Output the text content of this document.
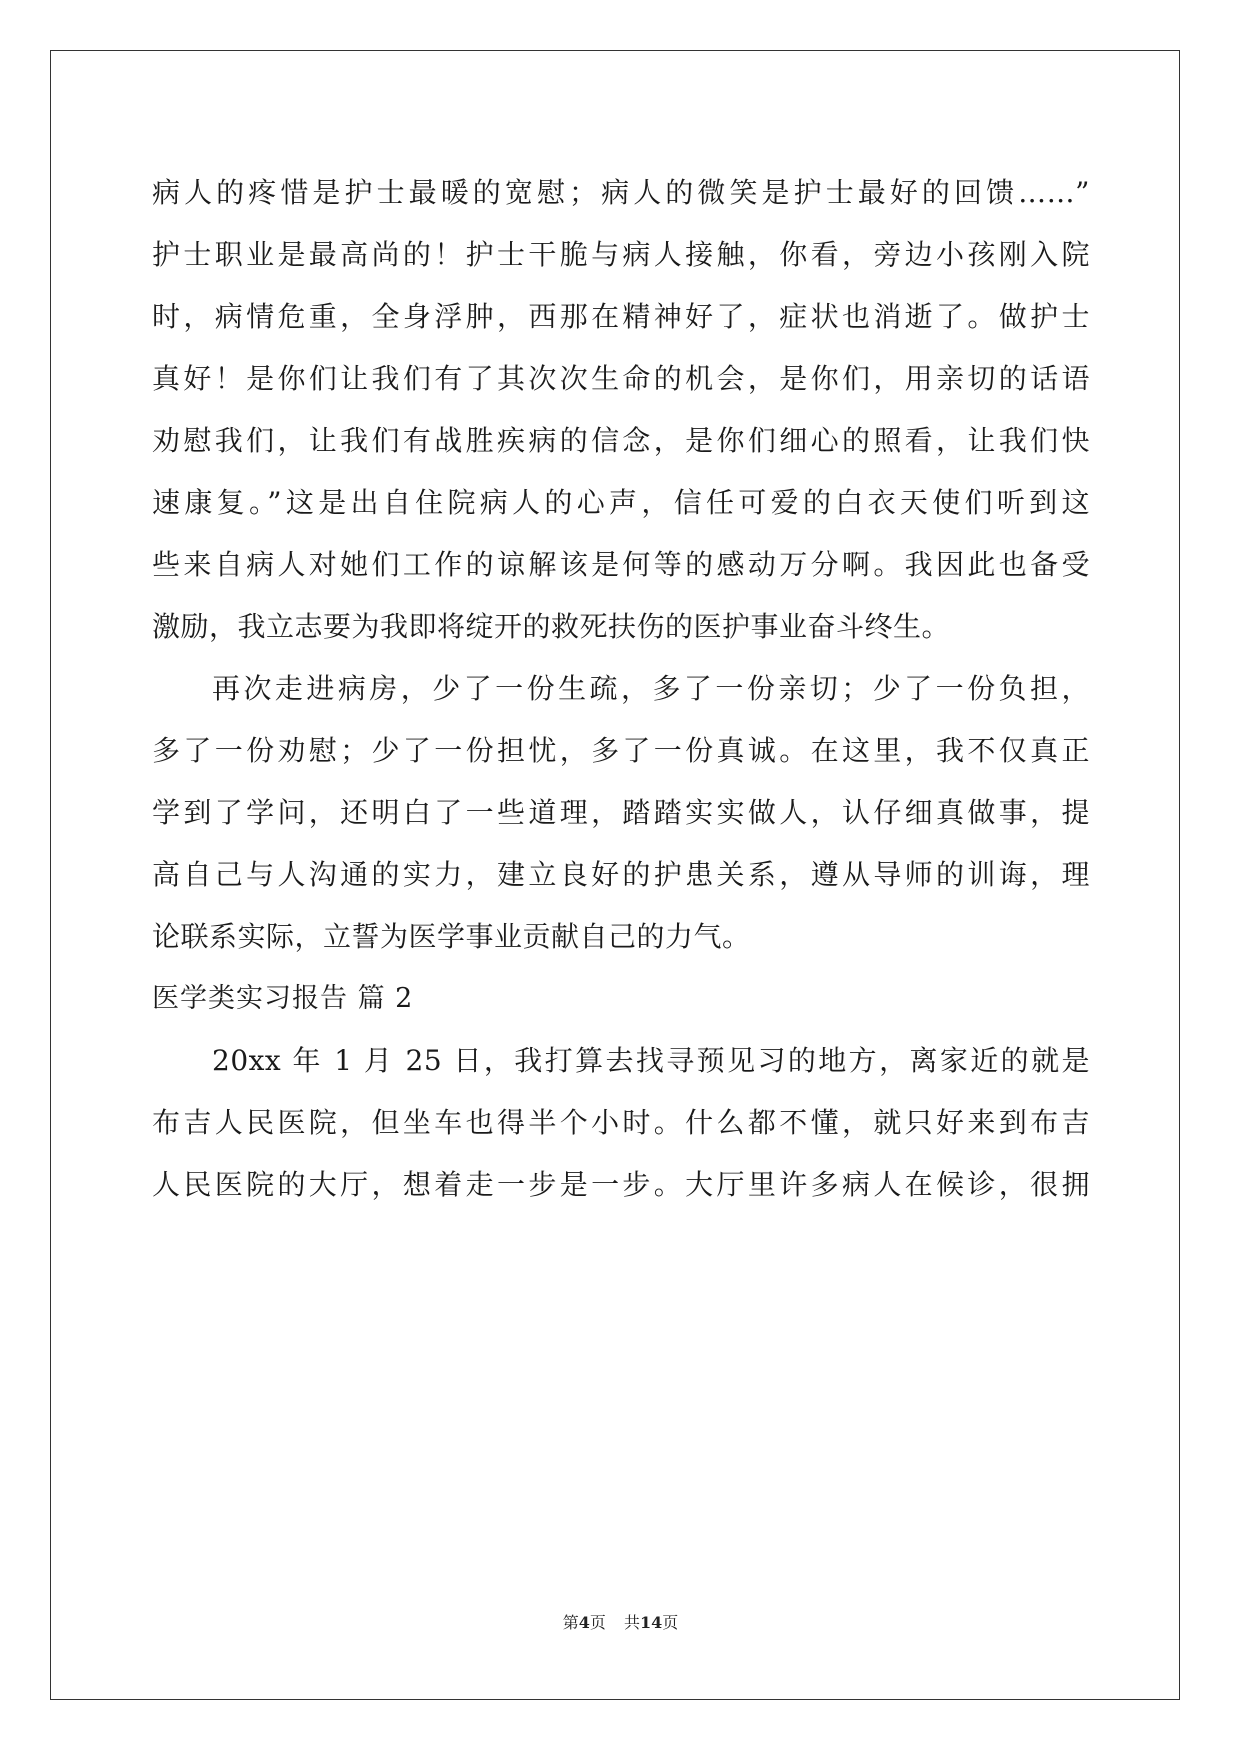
病人的疼惜是护士最暖的宽慰；病人的微笑是护士最好的回馈……”
护士职业是最高尚的！护士干脆与病人接触，你看，旁边小孩刚入院
时，病情危重，全身浮肿，西那在精神好了，症状也消逝了。做护士
真好！是你们让我们有了其次次生命的机会，是你们，用亲切的话语
劝慰我们，让我们有战胜疾病的信念，是你们细心的照看，让我们快
速康复。”这是出自住院病人的心声，信任可爱的白衣天使们听到这
些来自病人对她们工作的谅解该是何等的感动万分啊。我因此也备受
激励，我立志要为我即将绽开的救死扶伤的医护事业奋斗终生。
再次走进病房，少了一份生疏，多了一份亲切；少了一份负担，
多了一份劝慰；少了一份担忧，多了一份真诚。在这里，我不仅真正
学到了学问，还明白了一些道理，踏踏实实做人，认仔细真做事，提
高自己与人沟通的实力，建立良好的护患关系，遵从导师的训诲，理
论联系实际，立誓为医学事业贡献自己的力气。
医学类实习报告 篇 2
20xx 年 1 月 25 日，我打算去找寻预见习的地方，离家近的就是
布吉人民医院，但坐车也得半个小时。什么都不懂，就只好来到布吉
人民医院的大厅，想着走一步是一步。大厅里许多病人在候诊，很拥
第4页 共14页
